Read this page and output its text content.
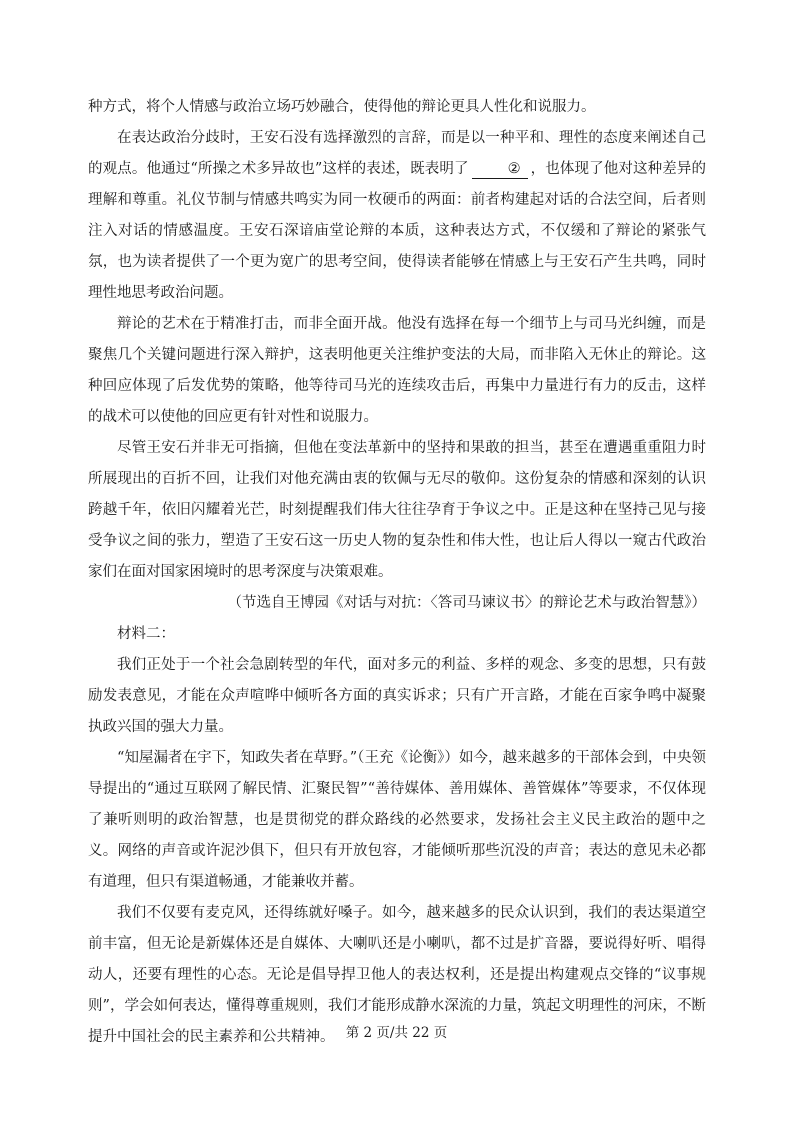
种方式，将个人情感与政治立场巧妙融合，使得他的辩论更具人性化和说服力。

在表达政治分歧时，王安石没有选择激烈的言辞，而是以一种平和、理性的态度来阐述自己的观点。他通过“所操之术多异故也”这样的表述，既表明了	② ，也体现了他对这种差异的理解和尊重。礼仪节制与情感共鸣实为同一枚硬币的两面：前者构建起对话的合法空间，后者则注入对话的情感温度。王安石深谙庙堂论辩的本质，这种表达方式，不仅缓和了辩论的紧张气氛，也为读者提供了一个更为宽广的思考空间，使得读者能够在情感上与王安石产生共鸣，同时理性地思考政治问题。

辩论的艺术在于精准打击，而非全面开战。他没有选择在每一个细节上与司马光纠缠，而是聚焦几个关键问题进行深入辩护，这表明他更关注维护变法的大局，而非陷入无休止的辩论。这种回应体现了后发优势的策略，他等待司马光的连续攻击后，再集中力量进行有力的反击，这样的战术可以使他的回应更有针对性和说服力。

尽管王安石并非无可指摘，但他在变法革新中的坚持和果敢的担当，甚至在遭遇重重阻力时所展现出的百折不回，让我们对他充满由衷的钦佩与无尽的敬仰。这份复杂的情感和深刻的认识跨越千年，依旧闪耀着光芒，时刻提醒我们伟大往往孕育于争议之中。正是这种在坚持己见与接受争议之间的张力，塑造了王安石这一历史人物的复杂性和伟大性，也让后人得以一窥古代政治家们在面对国家困境时的思考深度与决策艰难。

（节选自王博园《对话与对抗：〈答司马谏议书〉的辩论艺术与政治智慧》）

材料二：

我们正处于一个社会急剧转型的年代，面对多元的利益、多样的观念、多变的思想，只有鼓励发表意见，才能在众声喧哗中倾听各方面的真实诉求；只有广开言路，才能在百家争鸣中凝聚执政兴国的强大力量。

“知屋漏者在宇下，知政失者在草野。”（王充《论衡》）如今，越来越多的干部体会到，中央领导提出的“通过互联网了解民情、汇聚民智”“善待媒体、善用媒体、善管媒体”等要求，不仅体现了兼听则明的政治智慧，也是贯彻党的群众路线的必然要求，发扬社会主义民主政治的题中之义。网络的声音或许泥沙俱下，但只有开放包容，才能倾听那些沉没的声音；表达的意见未必都有道理，但只有渠道畅通，才能兼收并蓄。

我们不仅要有麦克风，还得练就好嗓子。如今，越来越多的民众认识到，我们的表达渠道空前丰富，但无论是新媒体还是自媒体、大喇叭还是小喇叭，都不过是扩音器，要说得好听、唱得动人，还要有理性的心态。无论是倡导捍卫他人的表达权利，还是提出构建观点交锋的“议事规则”，学会如何表达，懂得尊重规则，我们才能形成静水深流的力量，筑起文明理性的河床，不断提升中国社会的民主素养和公共精神。 第 2 页/共 22 页
